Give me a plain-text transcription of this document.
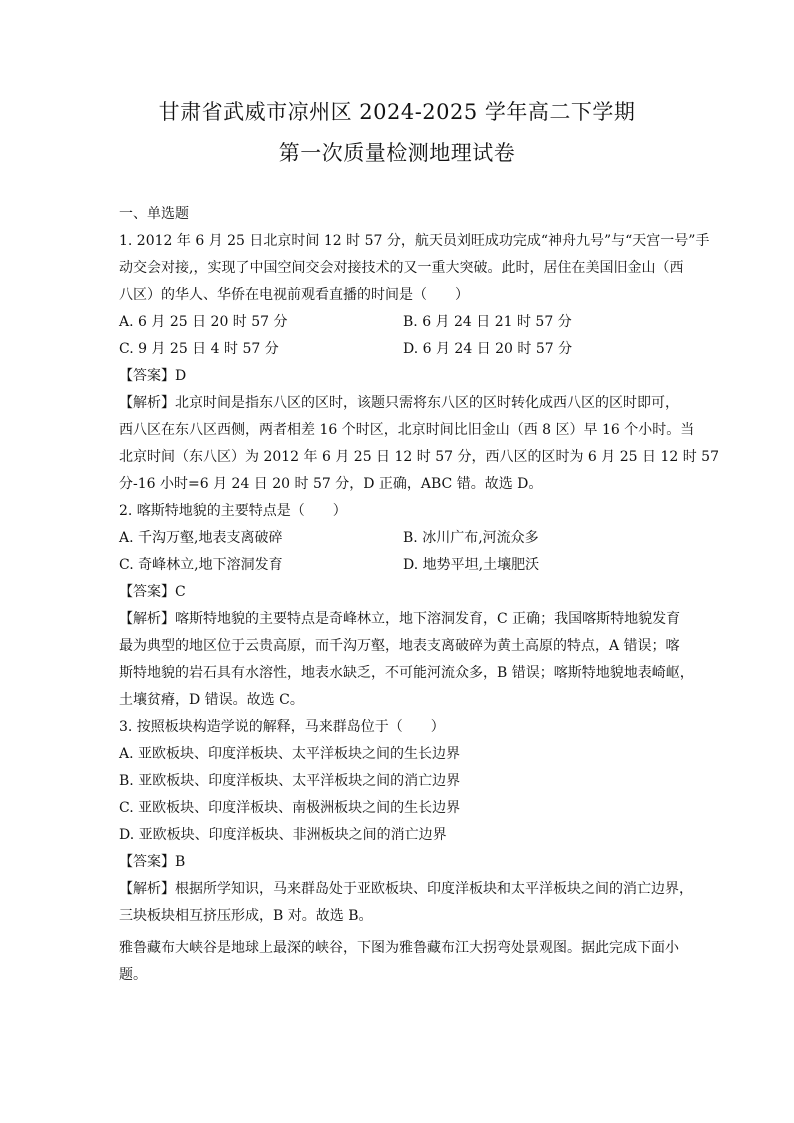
甘肃省武威市凉州区 2024-2025 学年高二下学期
第一次质量检测地理试卷
一、单选题
1. 2012 年 6 月 25 日北京时间 12 时 57 分，航天员刘旺成功完成“神舟九号”与“天宫一号”手
动交会对接,，实现了中国空间交会对接技术的又一重大突破。此时，居住在美国旧金山（西
八区）的华人、华侨在电视前观看直播的时间是（　　）
A. 6 月 25 日 20 时 57 分	B. 6 月 24 日 21 时 57 分
C. 9 月 25 日 4 时 57 分	D. 6 月 24 日 20 时 57 分
【答案】D
【解析】北京时间是指东八区的区时，该题只需将东八区的区时转化成西八区的区时即可，
西八区在东八区西侧，两者相差 16 个时区，北京时间比旧金山（西 8 区）早 16 个小时。当
北京时间（东八区）为 2012 年 6 月 25 日 12 时 57 分，西八区的区时为 6 月 25 日 12 时 57
分-16 小时=6 月 24 日 20 时 57 分，D 正确，ABC 错。故选 D。
2. 喀斯特地貌的主要特点是（　　）
A. 千沟万壑,地表支离破碎	B. 冰川广布,河流众多
C. 奇峰林立,地下溶洞发育	D. 地势平坦,土壤肥沃
【答案】C
【解析】喀斯特地貌的主要特点是奇峰林立，地下溶洞发育，C 正确；我国喀斯特地貌发育
最为典型的地区位于云贵高原，而千沟万壑，地表支离破碎为黄土高原的特点，A 错误；喀
斯特地貌的岩石具有水溶性，地表水缺乏，不可能河流众多，B 错误；喀斯特地貌地表崎岖，
土壤贫瘠，D 错误。故选 C。
3. 按照板块构造学说的解释，马来群岛位于（　　）
A. 亚欧板块、印度洋板块、太平洋板块之间的生长边界
B. 亚欧板块、印度洋板块、太平洋板块之间的消亡边界
C. 亚欧板块、印度洋板块、南极洲板块之间的生长边界
D. 亚欧板块、印度洋板块、非洲板块之间的消亡边界
【答案】B
【解析】根据所学知识，马来群岛处于亚欧板块、印度洋板块和太平洋板块之间的消亡边界，
三块板块相互挤压形成，B 对。故选 B。
雅鲁藏布大峡谷是地球上最深的峡谷，下图为雅鲁藏布江大拐弯处景观图。据此完成下面小
题。
